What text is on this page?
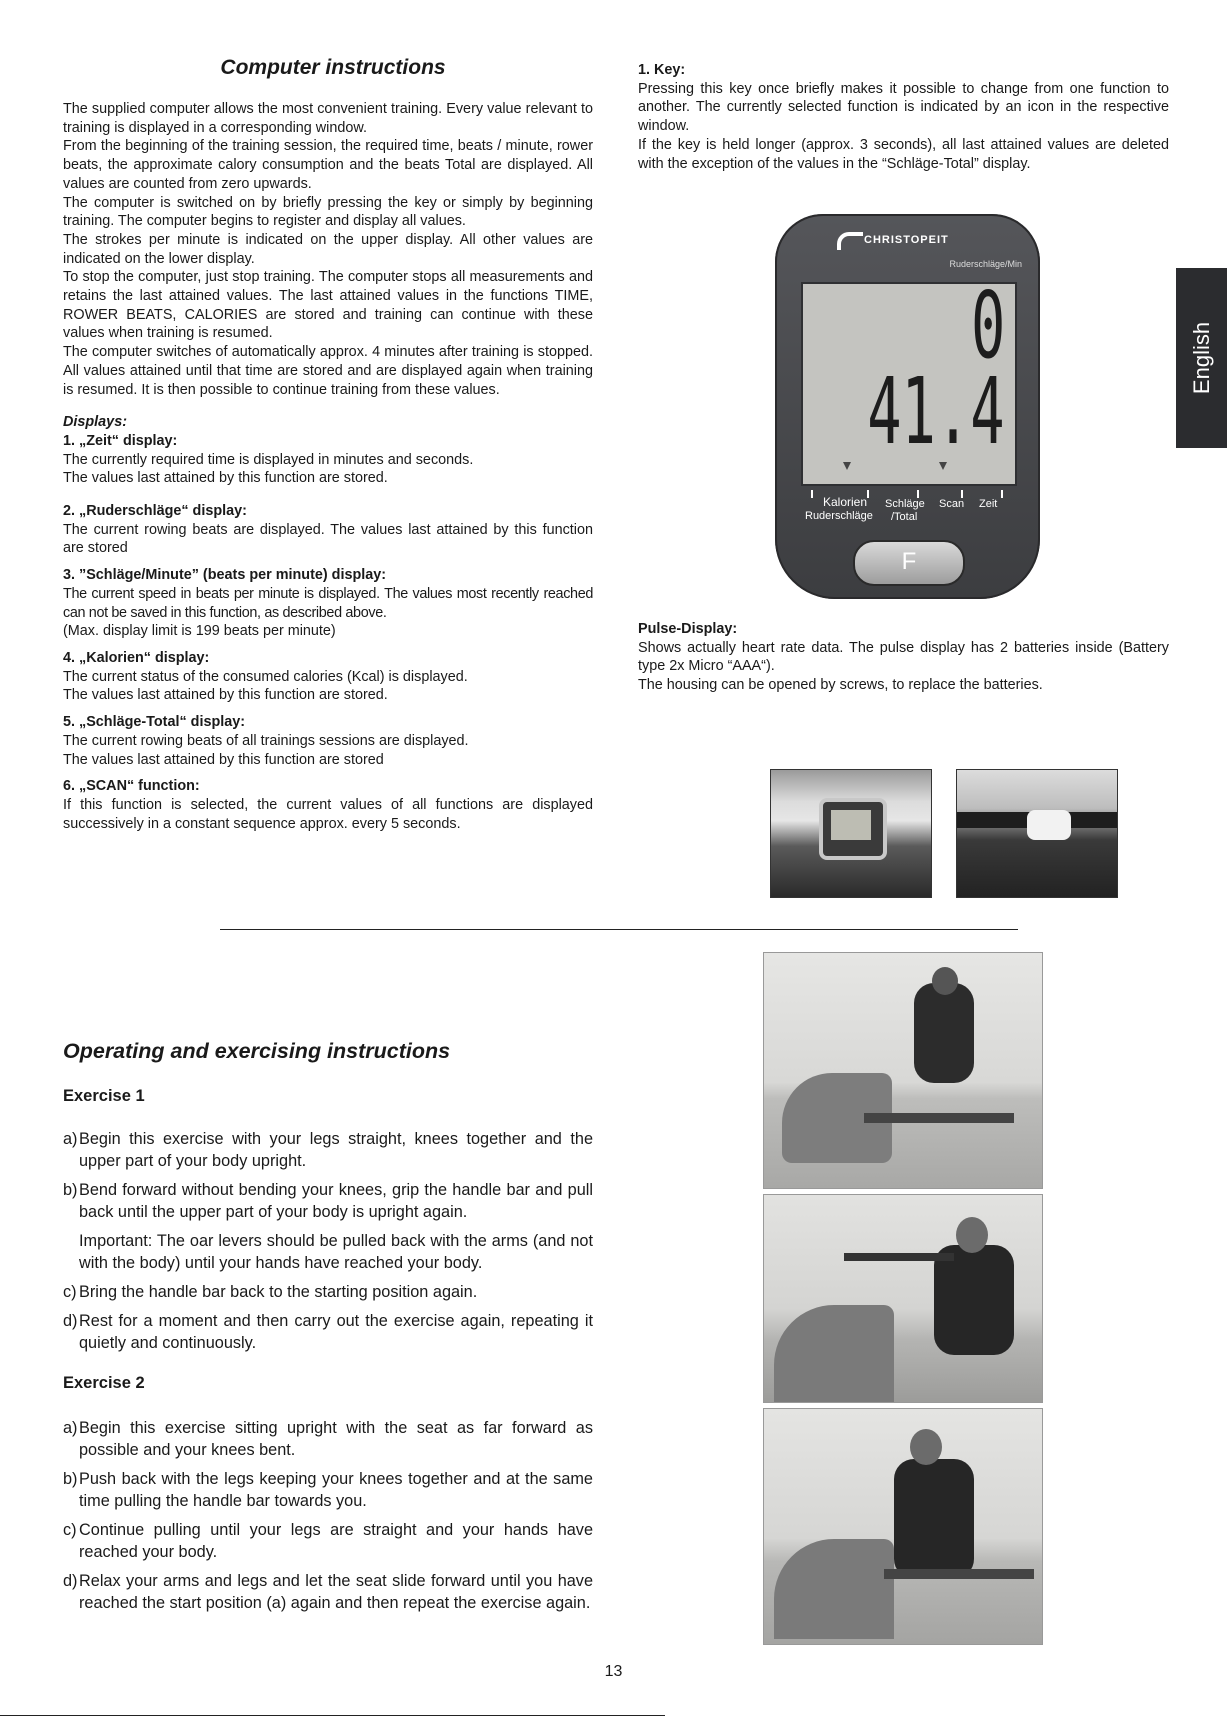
Computer instructions

The supplied computer allows the most convenient training. Every value relevant to training is displayed in a corresponding window.

From the beginning of the training session, the required time, beats / minute, rower beats, the approximate calory consumption and the beats Total are displayed. All values are counted from zero upwards.

The computer is switched on by briefly pressing the key or simply by beginning training. The computer begins to register and display all values.

The strokes per minute is indicated on the upper display. All other values are indicated on the lower display.

To stop the computer, just stop training. The computer stops all measurements and retains the last attained values. The last attained values in the functions TIME, ROWER BEATS, CALORIES are stored and training can continue with these values when training is resumed.

The computer switches of automatically approx. 4 minutes after training is stopped. All values attained until that time are stored and are displayed again when training is resumed. It is then possible to continue training from these values.

Displays:

1. „Zeit“ display:

The currently required time is displayed in minutes and seconds.

The values last attained by this function are stored.

2. „Ruderschläge“ display:

The current rowing beats are displayed. The values last attained by this function are stored

3. ”Schläge/Minute” (beats per minute) display:

The current speed in beats per minute is displayed. The values most recently reached can not be saved in this function, as described above.

(Max. display limit is 199 beats per minute)

4. „Kalorien“ display:

The current status of the consumed calories (Kcal) is displayed.

The values last attained by this function are stored.

5. „Schläge-Total“ display:

The current rowing beats of all trainings sessions are displayed.

The values last attained by this function are stored

6. „SCAN“ function:

If this function is selected, the current values of all functions are displayed successively in a constant sequence approx. every 5 seconds.

1. Key:

Pressing this key once briefly makes it possible to change from one function to another. The currently selected function is indicated by an icon in the respective window.

If the key is held longer (approx. 3 seconds), all last attained values are deleted with the exception of the values in the “Schläge-Total” display.

CHRISTOPEIT
Ruderschläge/Min
0
41.4
Kalorien Schläge Scan Zeit
Ruderschläge /Total
F

Pulse-Display:

Shows actually heart rate data. The pulse display has 2 batteries inside (Battery type 2x Micro “AAA“).

The housing can be opened by screws, to replace the batteries.

English

Operating and exercising instructions

Exercise 1

a) Begin this exercise with your legs straight, knees together and the upper part of your body upright.
b) Bend forward without bending your knees, grip the handle bar and pull back until the upper part of your body is upright again.

Important: The oar levers should be pulled back with the arms (and not with the body) until your hands have reached your body.

c) Bring the handle bar back to the starting position again.
d) Rest for a moment and then carry out the exercise again, repeating it quietly and continuously.

Exercise 2

a) Begin this exercise sitting upright with the seat as far forward as possible and your knees bent.
b) Push back with the legs keeping your knees together and at the same time pulling the handle bar towards you.
c) Continue pulling until your legs are straight and your hands have reached your body.
d) Relax your arms and legs and let the seat slide forward until you have reached the start position (a) again and then repeat the exercise again.

13
